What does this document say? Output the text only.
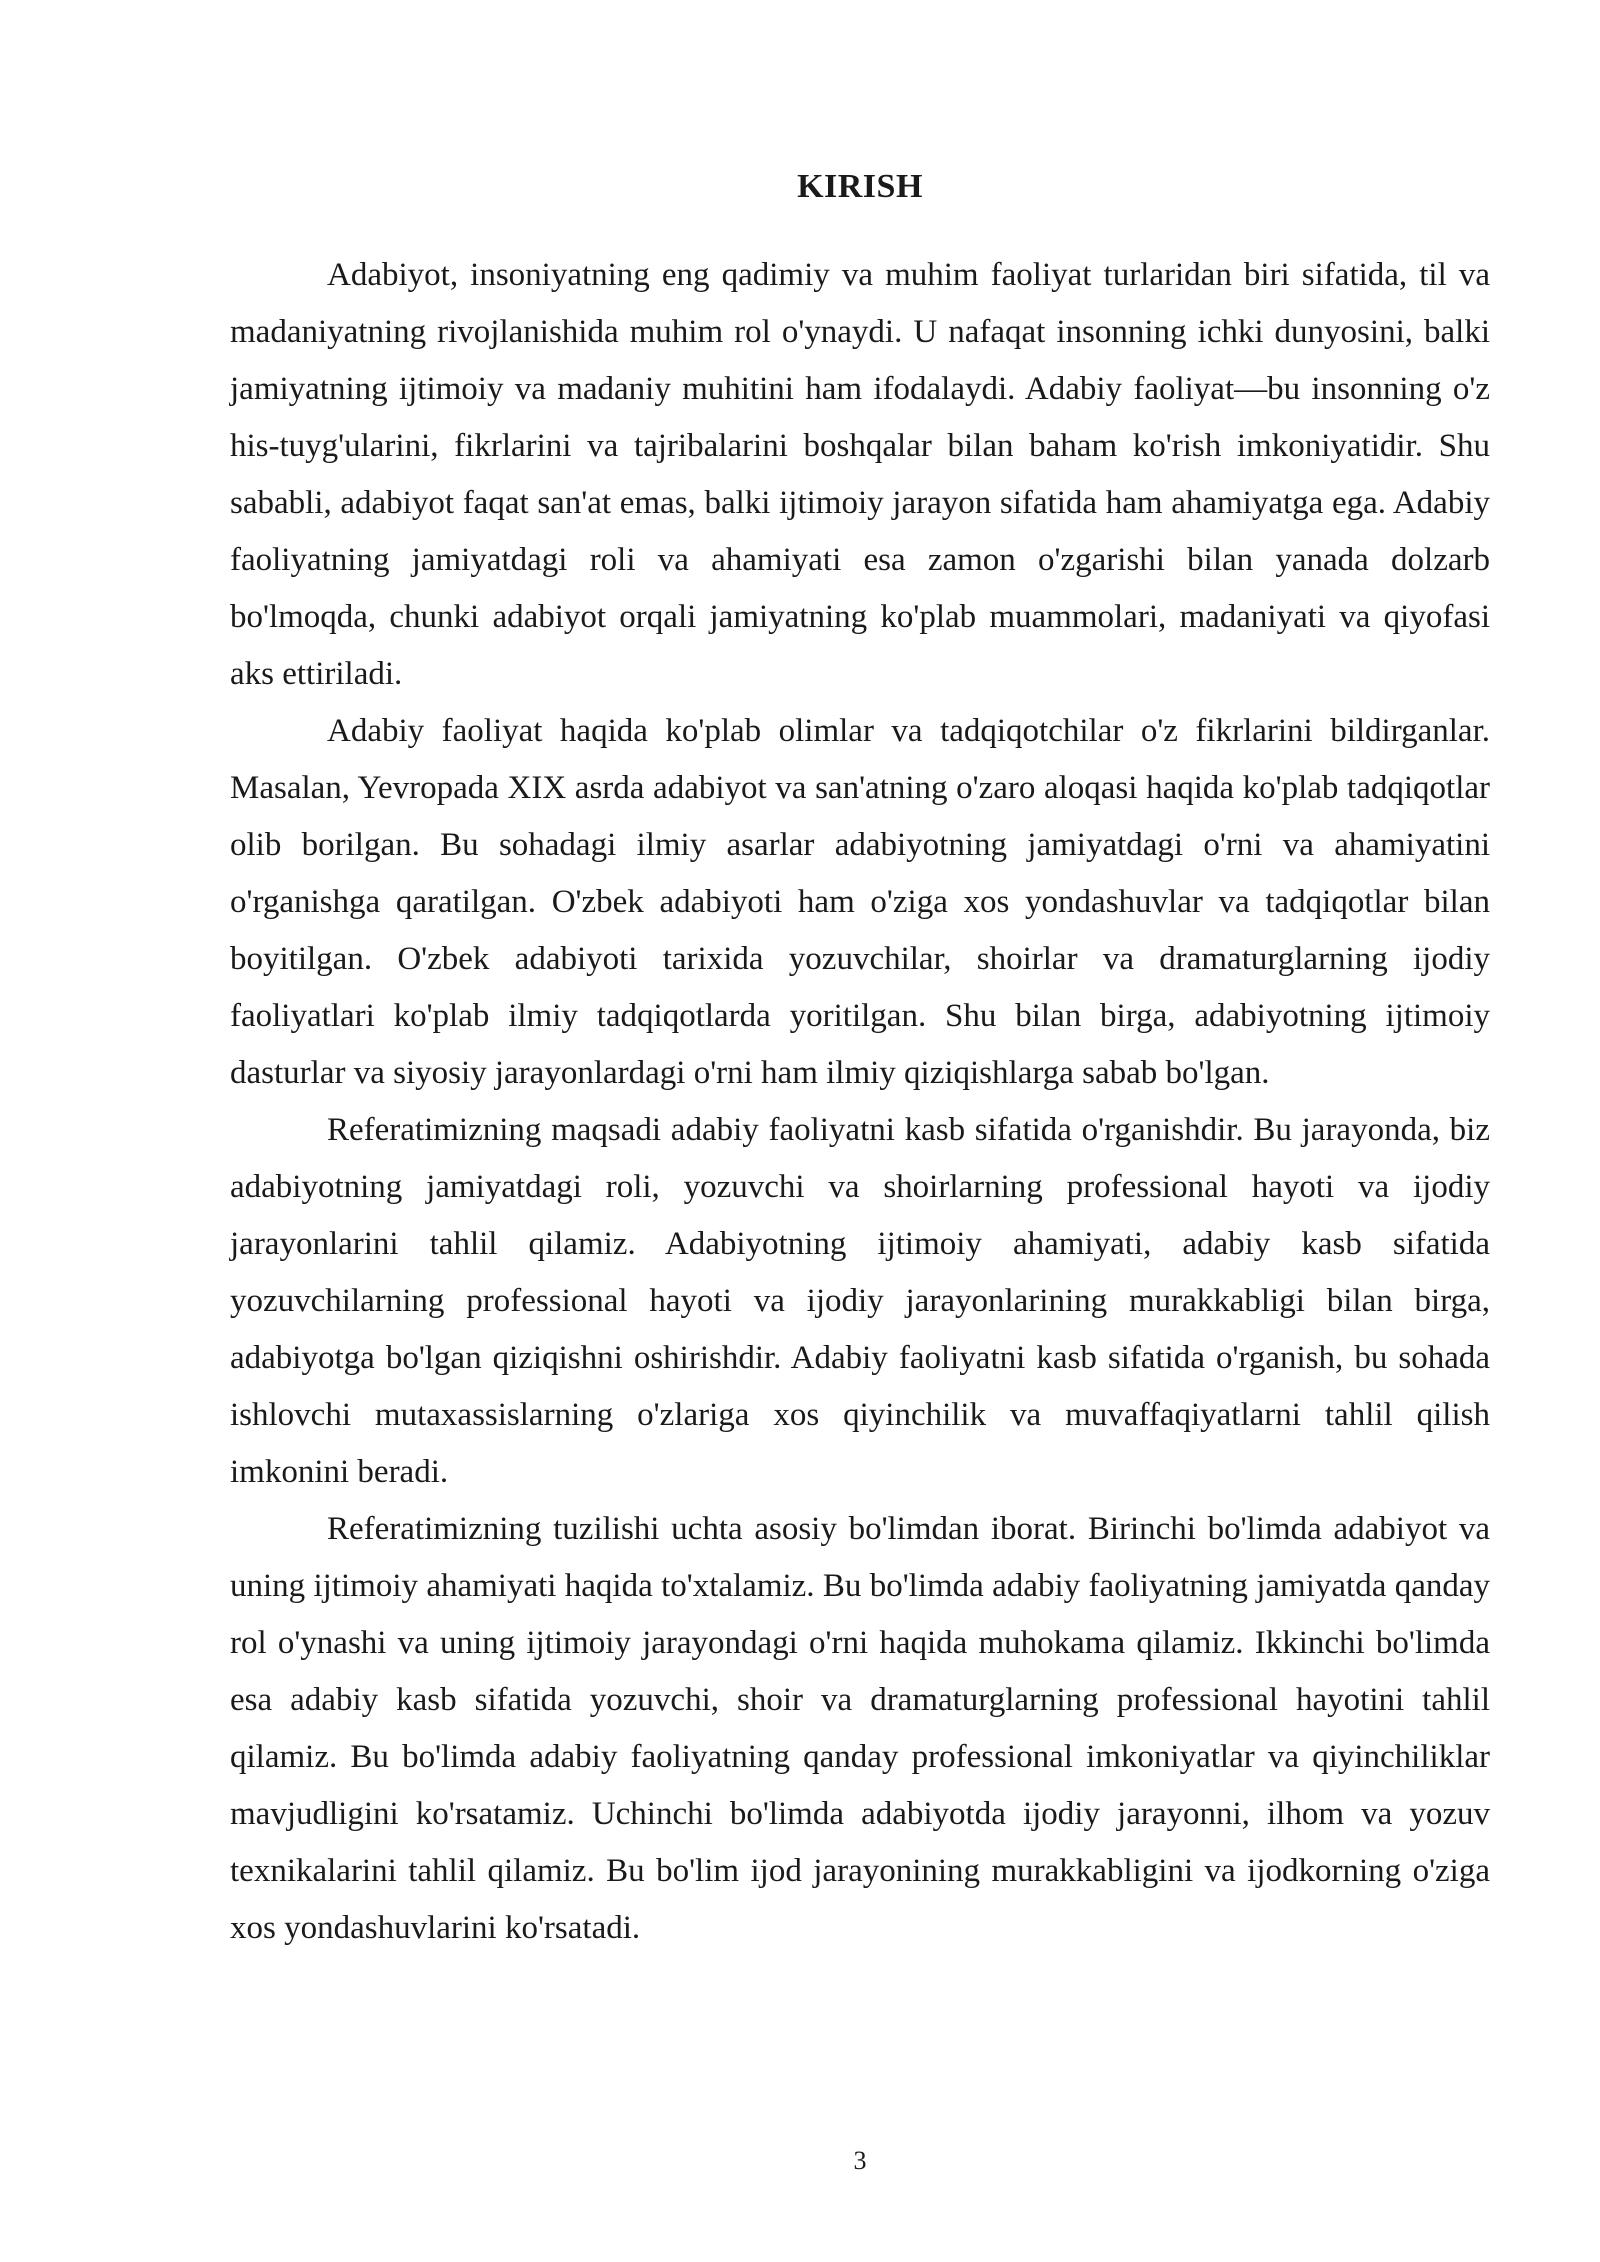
KIRISH

Adabiyot, insoniyatning eng qadimiy va muhim faoliyat turlaridan biri sifatida, til va madaniyatning rivojlanishida muhim rol o'ynaydi. U nafaqat insonning ichki dunyosini, balki jamiyatning ijtimoiy va madaniy muhitini ham ifodalaydi. Adabiy faoliyat—bu insonning o'z his-tuyg'ularini, fikrlarini va tajribalarini boshqalar bilan baham ko'rish imkoniyatidir. Shu sababli, adabiyot faqat san'at emas, balki ijtimoiy jarayon sifatida ham ahamiyatga ega. Adabiy faoliyatning jamiyatdagi roli va ahamiyati esa zamon o'zgarishi bilan yanada dolzarb bo'lmoqda, chunki adabiyot orqali jamiyatning ko'plab muammolari, madaniyati va qiyofasi aks ettiriladi.

Adabiy faoliyat haqida ko'plab olimlar va tadqiqotchilar o'z fikrlarini bildirganlar. Masalan, Yevropada XIX asrda adabiyot va san'atning o'zaro aloqasi haqida ko'plab tadqiqotlar olib borilgan. Bu sohadagi ilmiy asarlar adabiyotning jamiyatdagi o'rni va ahamiyatini o'rganishga qaratilgan. O'zbek adabiyoti ham o'ziga xos yondashuvlar va tadqiqotlar bilan boyitilgan. O'zbek adabiyoti tarixida yozuvchilar, shoirlar va dramaturglarning ijodiy faoliyatlari ko'plab ilmiy tadqiqotlarda yoritilgan. Shu bilan birga, adabiyotning ijtimoiy dasturlar va siyosiy jarayonlardagi o'rni ham ilmiy qiziqishlarga sabab bo'lgan.

Referatimizning maqsadi adabiy faoliyatni kasb sifatida o'rganishdir. Bu jarayonda, biz adabiyotning jamiyatdagi roli, yozuvchi va shoirlarning professional hayoti va ijodiy jarayonlarini tahlil qilamiz. Adabiyotning ijtimoiy ahamiyati, adabiy kasb sifatida yozuvchilarning professional hayoti va ijodiy jarayonlarining murakkabligi bilan birga, adabiyotga bo'lgan qiziqishni oshirishdir. Adabiy faoliyatni kasb sifatida o'rganish, bu sohada ishlovchi mutaxassislarning o'zlariga xos qiyinchilik va muvaffaqiyatlarni tahlil qilish imkonini beradi.

Referatimizning tuzilishi uchta asosiy bo'limdan iborat. Birinchi bo'limda adabiyot va uning ijtimoiy ahamiyati haqida to'xtalamiz. Bu bo'limda adabiy faoliyatning jamiyatda qanday rol o'ynashi va uning ijtimoiy jarayondagi o'rni haqida muhokama qilamiz. Ikkinchi bo'limda esa adabiy kasb sifatida yozuvchi, shoir va dramaturglarning professional hayotini tahlil qilamiz. Bu bo'limda adabiy faoliyatning qanday professional imkoniyatlar va qiyinchiliklar mavjudligini ko'rsatamiz. Uchinchi bo'limda adabiyotda ijodiy jarayonni, ilhom va yozuv texnikalarini tahlil qilamiz. Bu bo'lim ijod jarayonining murakkabligini va ijodkorning o'ziga xos yondashuvlarini ko'rsatadi.

3
